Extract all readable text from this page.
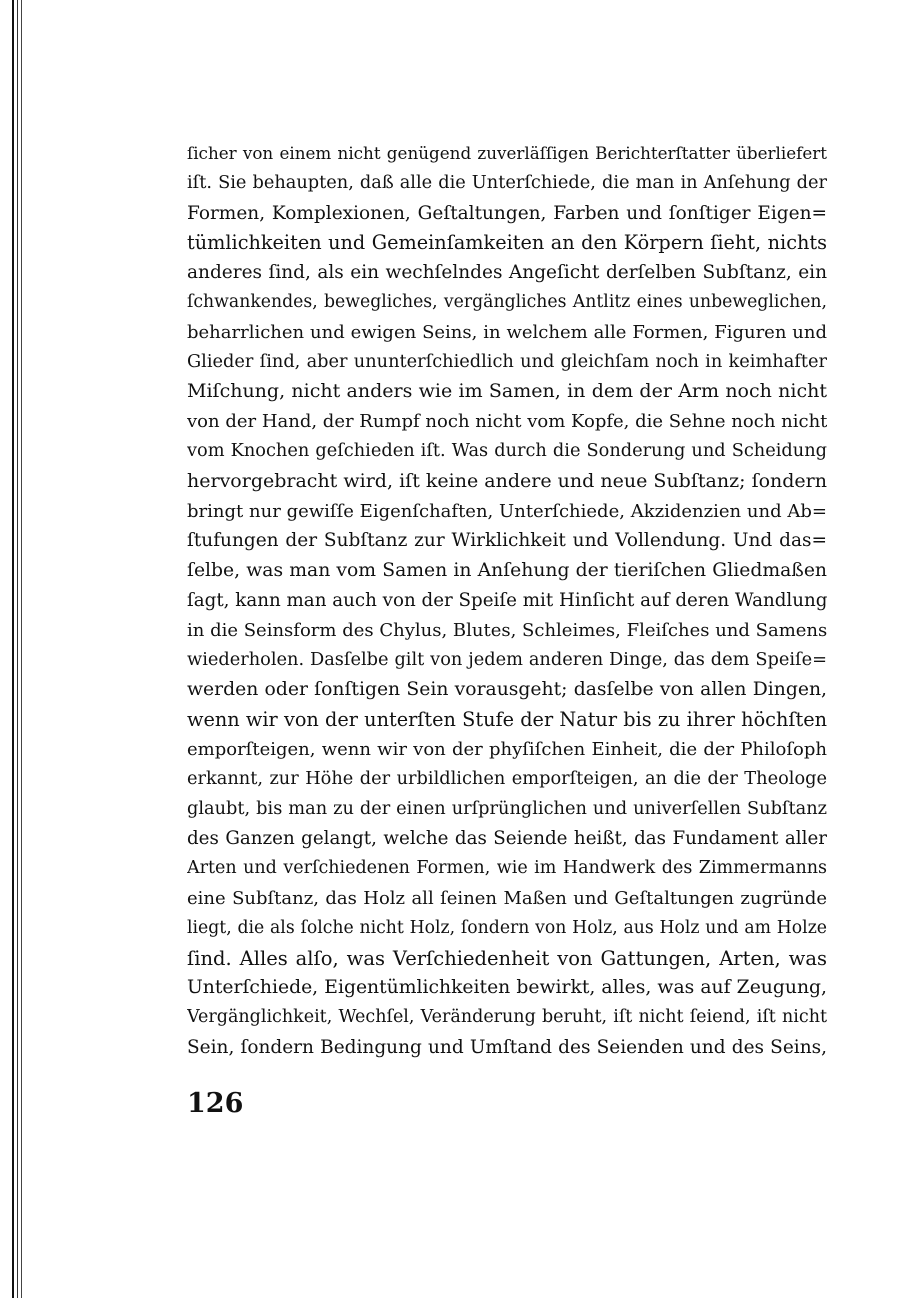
ſicher von einem nicht genügend zuverläſſigen Berichterſtatter überliefert
iſt. Sie behaupten, daß alle die Unterſchiede, die man in Anſehung der
Formen, Komplexionen, Geſtaltungen, Farben und ſonſtiger Eigen=
tümlichkeiten und Gemeinſamkeiten an den Körpern ſieht, nichts
anderes ſind, als ein wechſelndes Angeſicht derſelben Subſtanz, ein
ſchwankendes, bewegliches, vergängliches Antlitz eines unbeweglichen,
beharrlichen und ewigen Seins, in welchem alle Formen, Figuren und
Glieder ſind, aber ununterſchiedlich und gleichſam noch in keimhafter
Miſchung, nicht anders wie im Samen, in dem der Arm noch nicht
von der Hand, der Rumpf noch nicht vom Kopfe, die Sehne noch nicht
vom Knochen geſchieden iſt. Was durch die Sonderung und Scheidung
hervorgebracht wird, iſt keine andere und neue Subſtanz; ſondern
bringt nur gewiſſe Eigenſchaften, Unterſchiede, Akzidenzien und Ab=
ſtufungen der Subſtanz zur Wirklichkeit und Vollendung. Und das=
ſelbe, was man vom Samen in Anſehung der tieriſchen Gliedmaßen
ſagt, kann man auch von der Speiſe mit Hinſicht auf deren Wandlung
in die Seinsform des Chylus, Blutes, Schleimes, Fleiſches und Samens
wiederholen. Dasſelbe gilt von jedem anderen Dinge, das dem Speiſe=
werden oder ſonſtigen Sein vorausgeht; dasſelbe von allen Dingen,
wenn wir von der unterſten Stufe der Natur bis zu ihrer höchſten
emporſteigen, wenn wir von der phyſiſchen Einheit, die der Philoſoph
erkannt, zur Höhe der urbildlichen emporſteigen, an die der Theologe
glaubt, bis man zu der einen urſprünglichen und univerſellen Subſtanz
des Ganzen gelangt, welche das Seiende heißt, das Fundament aller
Arten und verſchiedenen Formen, wie im Handwerk des Zimmermanns
eine Subſtanz, das Holz all ſeinen Maßen und Geſtaltungen zugründe
liegt, die als ſolche nicht Holz, ſondern von Holz, aus Holz und am Holze
ſind. Alles alſo, was Verſchiedenheit von Gattungen, Arten, was
Unterſchiede, Eigentümlichkeiten bewirkt, alles, was auf Zeugung,
Vergänglichkeit, Wechſel, Veränderung beruht, iſt nicht ſeiend, iſt nicht
Sein, ſondern Bedingung und Umſtand des Seienden und des Seins,
126
